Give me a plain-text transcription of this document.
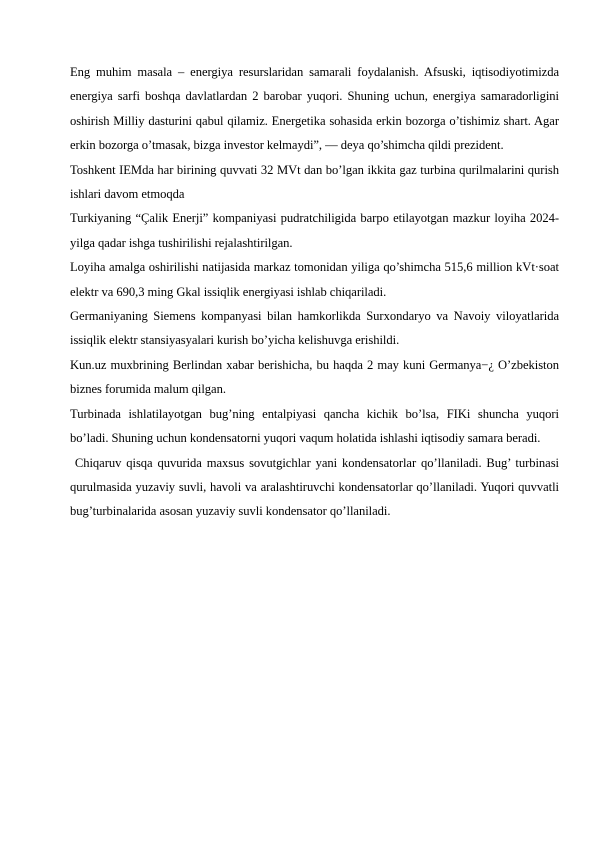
Eng muhim masala – energiya resurslaridan samarali foydalanish. Afsuski, iqtisodiyotimizda energiya sarfi boshqa davlatlardan 2 barobar yuqori. Shuning uchun, energiya samaradorligini oshirish Milliy dasturini qabul qilamiz. Energetika sohasida erkin bozorga o’tishimiz shart. Agar erkin bozorga o’tmasak, bizga investor kelmaydi”, — deya qo’shimcha qildi prezident.

Toshkent IEMda har birining quvvati 32 MVt dan bo’lgan ikkita gaz turbina qurilmalarini qurish ishlari davom etmoqda

Turkiyaning “Çalik Enerji” kompaniyasi pudratchiligida barpo etilayotgan mazkur loyiha 2024-yilga qadar ishga tushirilishi rejalashtirilgan.

Loyiha amalga oshirilishi natijasida markaz tomonidan yiliga qo’shimcha 515,6 million kVt·soat elektr va 690,3 ming Gkal issiqlik energiyasi ishlab chiqariladi.

Germaniyaning Siemens kompanyasi bilan hamkorlikda Surxondaryo va Navoiy viloyatlarida issiqlik elektr stansiyasyalari kurish bo’yicha kelishuvga erishildi.

Kun.uz muxbrining Berlindan xabar berishicha, bu haqda 2 may kuni Germanya−¿ O’zbekiston biznes forumida malum qilgan.

Turbinada ishlatilayotgan bug’ning entalpiyasi qancha kichik bo’lsa, FIKi shuncha yuqori bo’ladi. Shuning uchun kondensatorni yuqori vaqum holatida ishlashi iqtisodiy samara beradi.

Chiqaruv qisqa quvurida maxsus sovutgichlar yani kondensatorlar qo’llaniladi. Bug’ turbinasi qurulmasida yuzaviy suvli, havoli va aralashtiruvchi kondensatorlar qo’llaniladi. Yuqori quvvatli bug’turbinalarida asosan yuzaviy suvli kondensator qo’llaniladi.
